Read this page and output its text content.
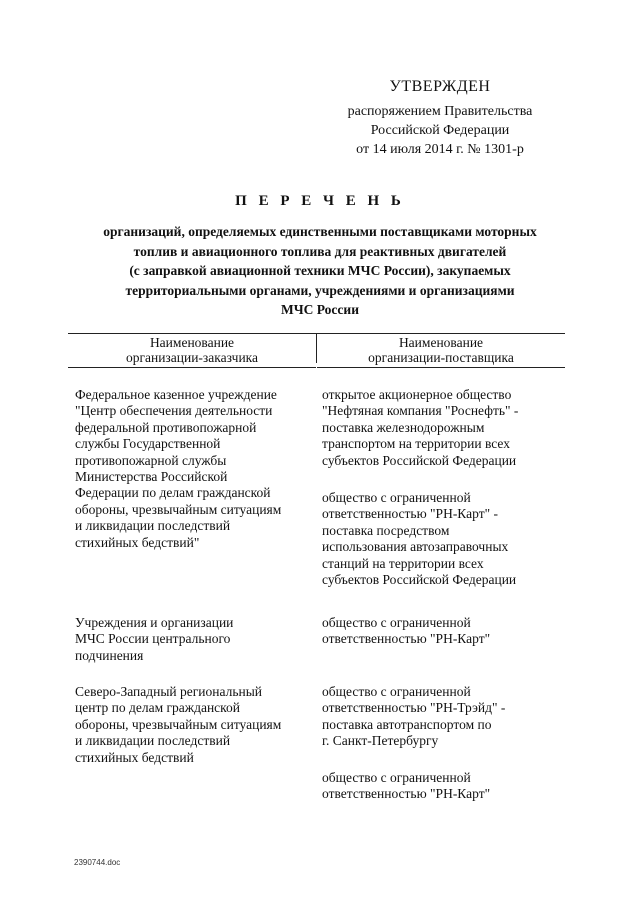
УТВЕРЖДЕН
распоряжением Правительства
Российской Федерации
от 14 июля 2014 г. № 1301-р
П Е Р Е Ч Е Н Ь
организаций, определяемых единственными поставщиками моторных
топлив и авиационного топлива для реактивных двигателей
(с заправкой авиационной техники МЧС России), закупаемых
территориальными органами, учреждениями и организациями
МЧС России
Наименование
организации-заказчика
Наименование
организации-поставщика
Федеральное казенное учреждение
"Центр обеспечения деятельности
федеральной противопожарной
службы Государственной
противопожарной службы
Министерства Российской
Федерации по делам гражданской
обороны, чрезвычайным ситуациям
и ликвидации последствий
стихийных бедствий"
открытое акционерное общество
"Нефтяная компания "Роснефть" -
поставка железнодорожным
транспортом на территории всех
субъектов Российской Федерации
общество с ограниченной
ответственностью "РН-Карт" -
поставка посредством
использования автозаправочных
станций на территории всех
субъектов Российской Федерации
Учреждения и организации
МЧС России центрального
подчинения
общество с ограниченной
ответственностью "РН-Карт"
Северо-Западный региональный
центр по делам гражданской
обороны, чрезвычайным ситуациям
и ликвидации последствий
стихийных бедствий
общество с ограниченной
ответственностью "РН-Трэйд" -
поставка автотранспортом по
г. Санкт-Петербургу
общество с ограниченной
ответственностью "РН-Карт"
2390744.doc
